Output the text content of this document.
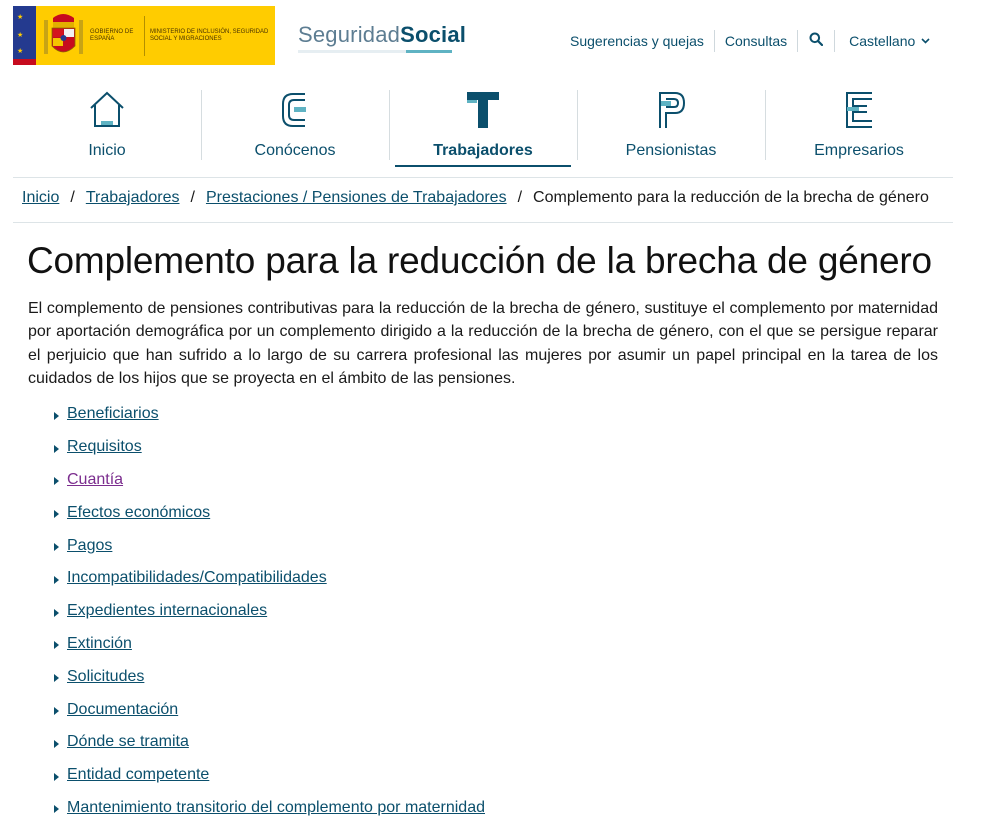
★
★
★
GOBIERNO DE ESPAÑA
MINISTERIO DE INCLUSIÓN, SEGURIDAD SOCIAL Y MIGRACIONES	SeguridadSocial	Sugerencias y quejas	Consultas	Castellano
Inicio	Conócenos	Trabajadores	Pensionistas	Empresarios
Inicio / Trabajadores / Prestaciones / Pensiones de Trabajadores / Complemento para la reducción de la brecha de género
Complemento para la reducción de la brecha de género

El complemento de pensiones contributivas para la reducción de la brecha de género, sustituye el complemento por maternidad por aportación demográfica por un complemento dirigido a la reducción de la brecha de género, con el que se persigue reparar el perjuicio que han sufrido a lo largo de su carrera profesional las mujeres por asumir un papel principal en la tarea de los cuidados de los hijos que se proyecta en el ámbito de las pensiones.

Beneficiarios
Requisitos
Cuantía
Efectos económicos
Pagos
Incompatibilidades/Compatibilidades
Expedientes internacionales
Extinción
Solicitudes
Documentación
Dónde se tramita
Entidad competente
Mantenimiento transitorio del complemento por maternidad
